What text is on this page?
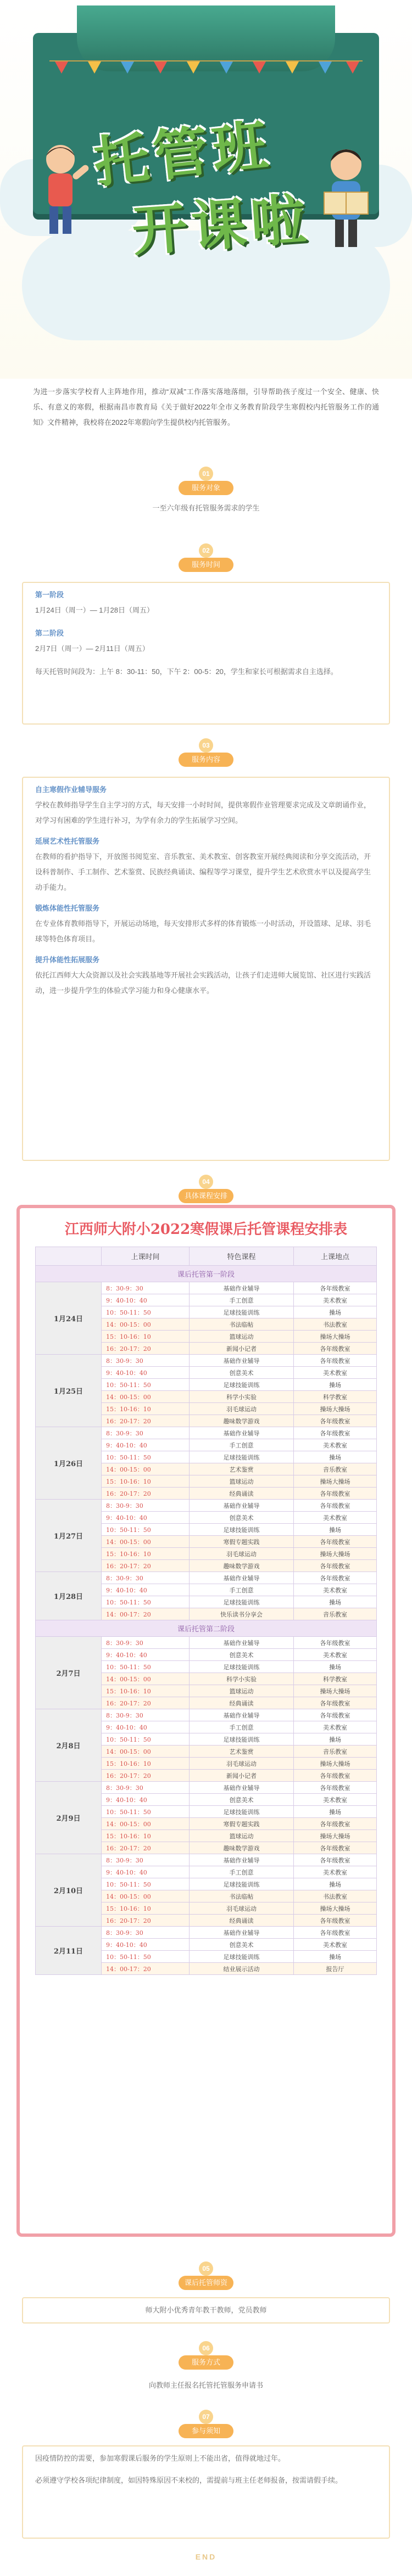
托管班
开课啦
为进一步落实学校育人主阵地作用，推动“双减”工作落实落地落细，引导帮助孩子度过一个安全、健康、快乐、有意义的寒假，根据南昌市教育局《关于做好2022年全市义务教育阶段学生寒假校内托管服务工作的通知》文件精神，我校将在2022年寒假向学生提供校内托管服务。
01
服务对象
一至六年级有托管服务需求的学生
02
服务时间
第一阶段
1月24日（周一）— 1月28日（周五）
第二阶段
2月7日（周一）— 2月11日（周五）
每天托管时间段为：上午 8：30-11：50，下午 2：00-5：20，学生和家长可根据需求自主选择。
03
服务内容
自主寒假作业辅导服务
学校在教师指导学生自主学习的方式，每天安排一小时时间，提供寒假作业管理要求完成及文章朗诵作业，对学习有困难的学生进行补习，为学有余力的学生拓展学习空间。
延展艺术性托管服务
在教师的看护指导下，开放图书阅览室、音乐教室、美术教室、创客教室开展经典阅读和分享交流活动，开设科普制作、手工制作、艺术鉴赏、民族经典诵读、编程等学习课堂，提升学生艺术欣赏水平以及提高学生动手能力。
锻炼体能性托管服务
在专业体育教师指导下，开展运动场地，每天安排形式多样的体育锻炼一小时活动，开设篮球、足球、羽毛球等特色体育项目。
提升体能性拓展服务
依托江西师大大众资源以及社会实践基地等开展社会实践活动，让孩子们走进师大展览馆、社区进行实践活动，进一步提升学生的体验式学习能力和身心健康水平。
04
具体课程安排
江西师大附小2022寒假课后托管课程安排表
	上课时间	特色课程	上课地点
课后托管第一阶段			
1月24日	8：30-9：30	基础作业辅导	各年级教室
	9：40-10：40	手工创意	美术教室
	10：50-11：50	足球技能训练	操场
	14：00-15：00	书法临帖	书法教室
	15：10-16：10	篮球运动	操场大操场
	16：20-17：20	新闻小记者	各年级教室
1月25日	8：30-9：30	基础作业辅导	各年级教室
	9：40-10：40	创意美术	美术教室
	10：50-11：50	足球技能训练	操场
	14：00-15：00	科学小实验	科学教室
	15：10-16：10	羽毛球运动	操场大操场
	16：20-17：20	趣味数学游戏	各年级教室
1月26日	8：30-9：30	基础作业辅导	各年级教室
	9：40-10：40	手工创意	美术教室
	10：50-11：50	足球技能训练	操场
	14：00-15：00	艺术鉴赏	音乐教室
	15：10-16：10	篮球运动	操场大操场
	16：20-17：20	经典诵读	各年级教室
1月27日	8：30-9：30	基础作业辅导	各年级教室
	9：40-10：40	创意美术	美术教室
	10：50-11：50	足球技能训练	操场
	14：00-15：00	寒假专题实践	各年级教室
	15：10-16：10	羽毛球运动	操场大操场
	16：20-17：20	趣味数学游戏	各年级教室
1月28日	8：30-9：30	基础作业辅导	各年级教室
	9：40-10：40	手工创意	美术教室
	10：50-11：50	足球技能训练	操场
	14：00-17：20	快乐读书分享会	音乐教室
课后托管第二阶段			
2月7日	8：30-9：30	基础作业辅导	各年级教室
	9：40-10：40	创意美术	美术教室
	10：50-11：50	足球技能训练	操场
	14：00-15：00	科学小实验	科学教室
	15：10-16：10	篮球运动	操场大操场
	16：20-17：20	经典诵读	各年级教室
2月8日	8：30-9：30	基础作业辅导	各年级教室
	9：40-10：40	手工创意	美术教室
	10：50-11：50	足球技能训练	操场
	14：00-15：00	艺术鉴赏	音乐教室
	15：10-16：10	羽毛球运动	操场大操场
	16：20-17：20	新闻小记者	各年级教室
2月9日	8：30-9：30	基础作业辅导	各年级教室
	9：40-10：40	创意美术	美术教室
	10：50-11：50	足球技能训练	操场
	14：00-15：00	寒假专题实践	各年级教室
	15：10-16：10	篮球运动	操场大操场
	16：20-17：20	趣味数学游戏	各年级教室
2月10日	8：30-9：30	基础作业辅导	各年级教室
	9：40-10：40	手工创意	美术教室
	10：50-11：50	足球技能训练	操场
	14：00-15：00	书法临帖	书法教室
	15：10-16：10	羽毛球运动	操场大操场
	16：20-17：20	经典诵读	各年级教室
2月11日	8：30-9：30	基础作业辅导	各年级教室
	9：40-10：40	创意美术	美术教室
	10：50-11：50	足球技能训练	操场
	14：00-17：20	结业展示活动	报告厅
05
课后托管师资
师大附小优秀青年教干教师，党员教师
06
服务方式
向教师主任报名托管托管服务申请书
07
参与须知
因疫情防控的需要，参加寒假课后服务的学生原则上不能出省，值得就地过年。
必须遵守学校各项纪律制度，如因特殊原因不来校的，需提前与班主任老师报备，按需请假手续。
END
